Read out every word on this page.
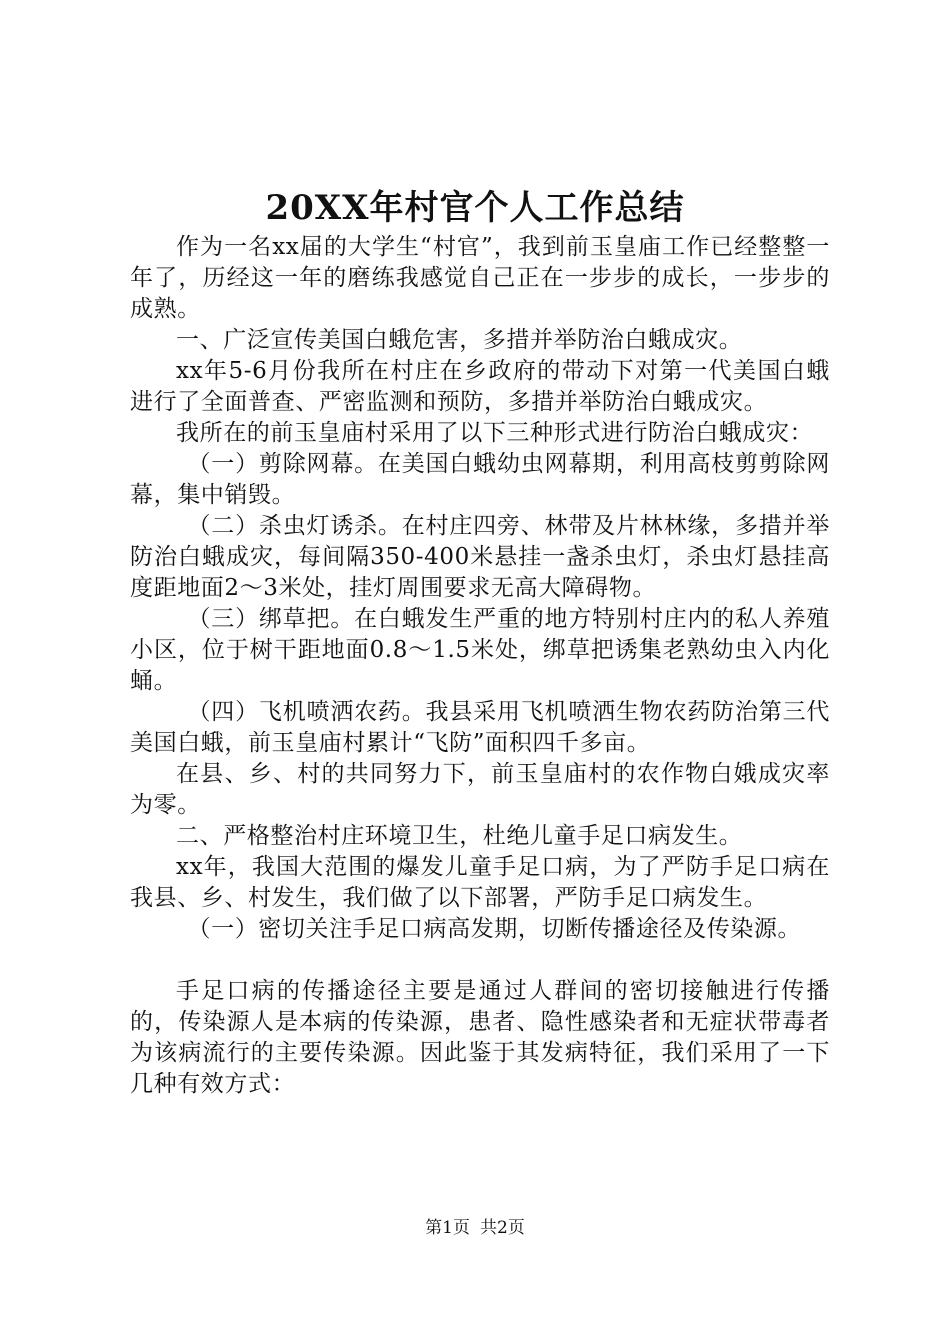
20XX年村官个人工作总结

作为一名xx届的大学生“村官”，我到前玉皇庙工作已经整整一年了，历经这一年的磨练我感觉自己正在一步步的成长，一步步的成熟。

一、广泛宣传美国白蛾危害，多措并举防治白蛾成灾。

xx年5-6月份我所在村庄在乡政府的带动下对第一代美国白蛾进行了全面普查、严密监测和预防，多措并举防治白蛾成灾。

我所在的前玉皇庙村采用了以下三种形式进行防治白蛾成灾：

（一）剪除网幕。在美国白蛾幼虫网幕期，利用高枝剪剪除网幕，集中销毁。

（二）杀虫灯诱杀。在村庄四旁、林带及片林林缘，多措并举防治白蛾成灾，每间隔350-400米悬挂一盏杀虫灯，杀虫灯悬挂高度距地面2～3米处，挂灯周围要求无高大障碍物。

（三）绑草把。在白蛾发生严重的地方特别村庄内的私人养殖小区，位于树干距地面0.8～1.5米处，绑草把诱集老熟幼虫入内化蛹。

（四）飞机喷洒农药。我县采用飞机喷洒生物农药防治第三代美国白蛾，前玉皇庙村累计“飞防”面积四千多亩。

在县、乡、村的共同努力下，前玉皇庙村的农作物白娥成灾率为零。

二、严格整治村庄环境卫生，杜绝儿童手足口病发生。

xx年，我国大范围的爆发儿童手足口病，为了严防手足口病在我县、乡、村发生，我们做了以下部署，严防手足口病发生。

（一）密切关注手足口病高发期，切断传播途径及传染源。

手足口病的传播途径主要是通过人群间的密切接触进行传播的，传染源人是本病的传染源，患者、隐性感染者和无症状带毒者为该病流行的主要传染源。因此鉴于其发病特征，我们采用了一下几种有效方式：

第1页 共2页
